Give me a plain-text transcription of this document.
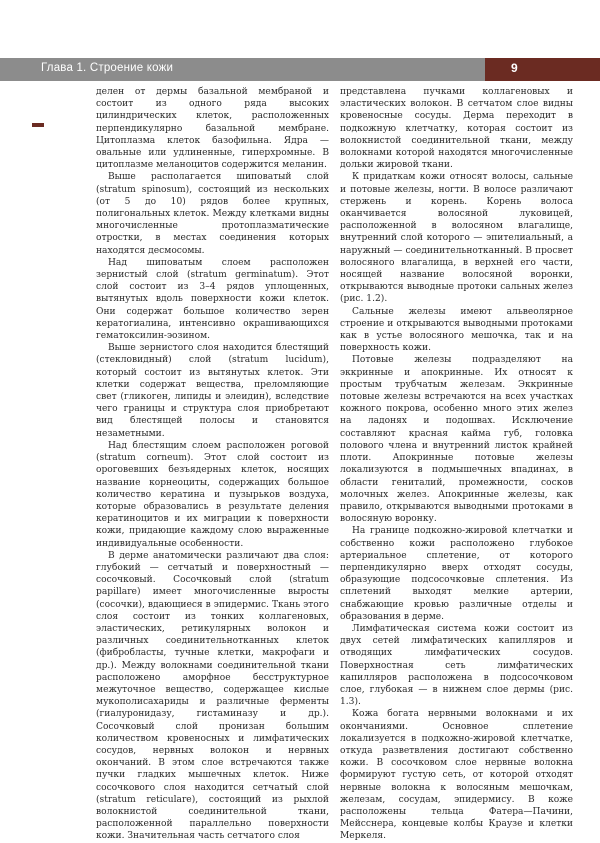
Глава 1. Строение кожи	9

делен от дермы базальной мембраной и состоит из одного ряда высоких цилиндрических клеток, расположенных перпендикулярно базальной мембране. Цитоплазма клеток базофильна. Ядра — овальные или удлиненные, гиперхромные. В цитоплазме меланоцитов содержится меланин.

Выше располагается шиповатый слой (stratum spinosum), состоящий из нескольких (от 5 до 10) рядов более крупных, полигональных клеток. Между клетками видны многочисленные протоплазматические отростки, в местах соединения которых находятся десмосомы.

Над шиповатым слоем расположен зернистый слой (stratum germinatum). Этот слой состоит из 3–4 рядов уплощенных, вытянутых вдоль поверхности кожи клеток. Они содержат большое количество зерен кератогиалина, интенсивно окрашивающихся гематоксилин-эозином.

Выше зернистого слоя находится блестящий (стекловидный) слой (stratum lucidum), который состоит из вытянутых клеток. Эти клетки содержат вещества, преломляющие свет (гликоген, липиды и элеидин), вследствие чего границы и структура слоя приобретают вид блестящей полосы и становятся незаметными.

Над блестящим слоем расположен роговой (stratum corneum). Этот слой состоит из ороговевших безъядерных клеток, носящих название корнеоциты, содержащих большое количество кератина и пузырьков воздуха, которые образовались в результате деления кератиноцитов и их миграции к поверхности кожи, придающие каждому слою выраженные индивидуальные особенности.

В дерме анатомически различают два слоя: глубокий — сетчатый и поверхностный — сосочковый. Сосочковый слой (stratum papillare) имеет многочисленные выросты (сосочки), вдающиеся в эпидермис. Ткань этого слоя состоит из тонких коллагеновых, эластических, ретикулярных волокон и различных соединительнотканных клеток (фибробласты, тучные клетки, макрофаги и др.). Между волокнами соединительной ткани расположено аморфное бесструктурное межуточное вещество, содержащее кислые мукополисахариды и различные ферменты (гиалуронидазу, гистаминазу и др.). Сосочковый слой пронизан большим количеством кровеносных и лимфатических сосудов, нервных волокон и нервных окончаний. В этом слое встречаются также пучки гладких мышечных клеток. Ниже сосочкового слоя находится сетчатый слой (stratum reticulare), состоящий из рыхлой волокнистой соединительной ткани, расположенной параллельно поверхности кожи. Значительная часть сетчатого слоя

представлена пучками коллагеновых и эластических волокон. В сетчатом слое видны кровеносные сосуды. Дерма переходит в подкожную клетчатку, которая состоит из волокнистой соединительной ткани, между волокнами которой находятся многочисленные дольки жировой ткани.

К придаткам кожи относят волосы, сальные и потовые железы, ногти. В волосе различают стержень и корень. Корень волоса оканчивается волосяной луковицей, расположенной в волосяном влагалище, внутренний слой которого — эпителиальный, а наружный — соединительнотканный. В просвет волосяного влагалища, в верхней его части, носящей название волосяной воронки, открываются выводные протоки сальных желез (рис. 1.2).

Сальные железы имеют альвеолярное строение и открываются выводными протоками как в устье волосяного мешочка, так и на поверхность кожи.

Потовые железы подразделяют на эккринные и апокринные. Их относят к простым трубчатым железам. Эккринные потовые железы встречаются на всех участках кожного покрова, особенно много этих желез на ладонях и подошвах. Исключение составляют красная кайма губ, головка полового члена и внутренний листок крайней плоти. Апокринные потовые железы локализуются в подмышечных впадинах, в области гениталий, промежности, сосков молочных желез. Апокринные железы, как правило, открываются выводными протоками в волосяную воронку.

На границе подкожно-жировой клетчатки и собственно кожи расположено глубокое артериальное сплетение, от которого перпендикулярно вверх отходят сосуды, образующие подсосочковые сплетения. Из сплетений выходят мелкие артерии, снабжающие кровью различные отделы и образования в дерме.

Лимфатическая система кожи состоит из двух сетей лимфатических капилляров и отводящих лимфатических сосудов. Поверхностная сеть лимфатических капилляров расположена в подсосочковом слое, глубокая — в нижнем слое дермы (рис. 1.3).

Кожа богата нервными волокнами и их окончаниями. Основное сплетение локализуется в подкожно-жировой клетчатке, откуда разветвления достигают собственно кожи. В сосочковом слое нервные волокна формируют густую сеть, от которой отходят нервные волокна к волосяным мешочкам, железам, сосудам, эпидермису. В коже расположены тельца Фатера—Пачини, Мейсснера, концевые колбы Краузе и клетки Меркеля.
